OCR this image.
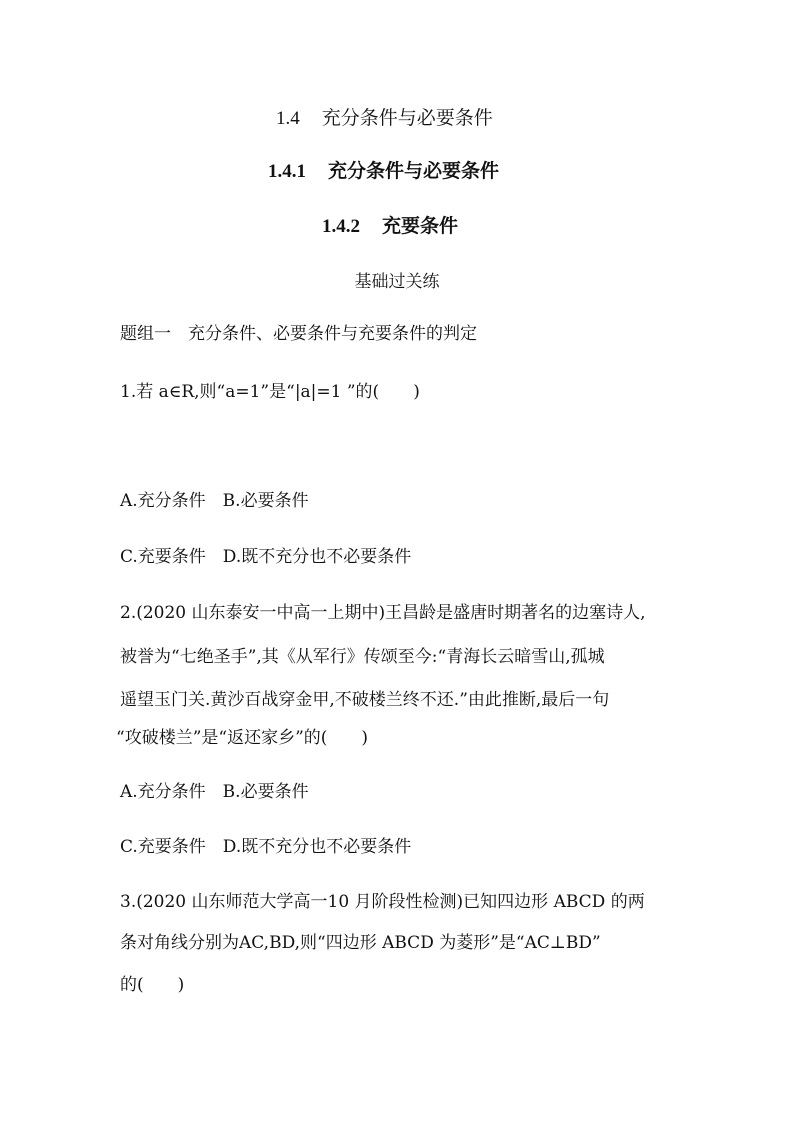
1.4 充分条件与必要条件
1.4.1 充分条件与必要条件
1.4.2 充要条件
基础过关练
题组一　充分条件、必要条件与充要条件的判定
1.若 a∈R,则“a=1”是“|a|=1 ”的(　　)
A.充分条件　B.必要条件
C.充要条件　D.既不充分也不必要条件
2.(2020 山东泰安一中高一上期中)王昌龄是盛唐时期著名的边塞诗人,
被誉为“七绝圣手”,其《从军行》传颂至今:“青海长云暗雪山,孤城
遥望玉门关.黄沙百战穿金甲,不破楼兰终不还.”由此推断,最后一句
“攻破楼兰”是“返还家乡”的(　　)
A.充分条件　B.必要条件
C.充要条件　D.既不充分也不必要条件
3.(2020 山东师范大学高一10 月阶段性检测)已知四边形 ABCD 的两
条对角线分别为AC,BD,则“四边形 ABCD 为菱形”是“AC⊥BD”
的(　　)
